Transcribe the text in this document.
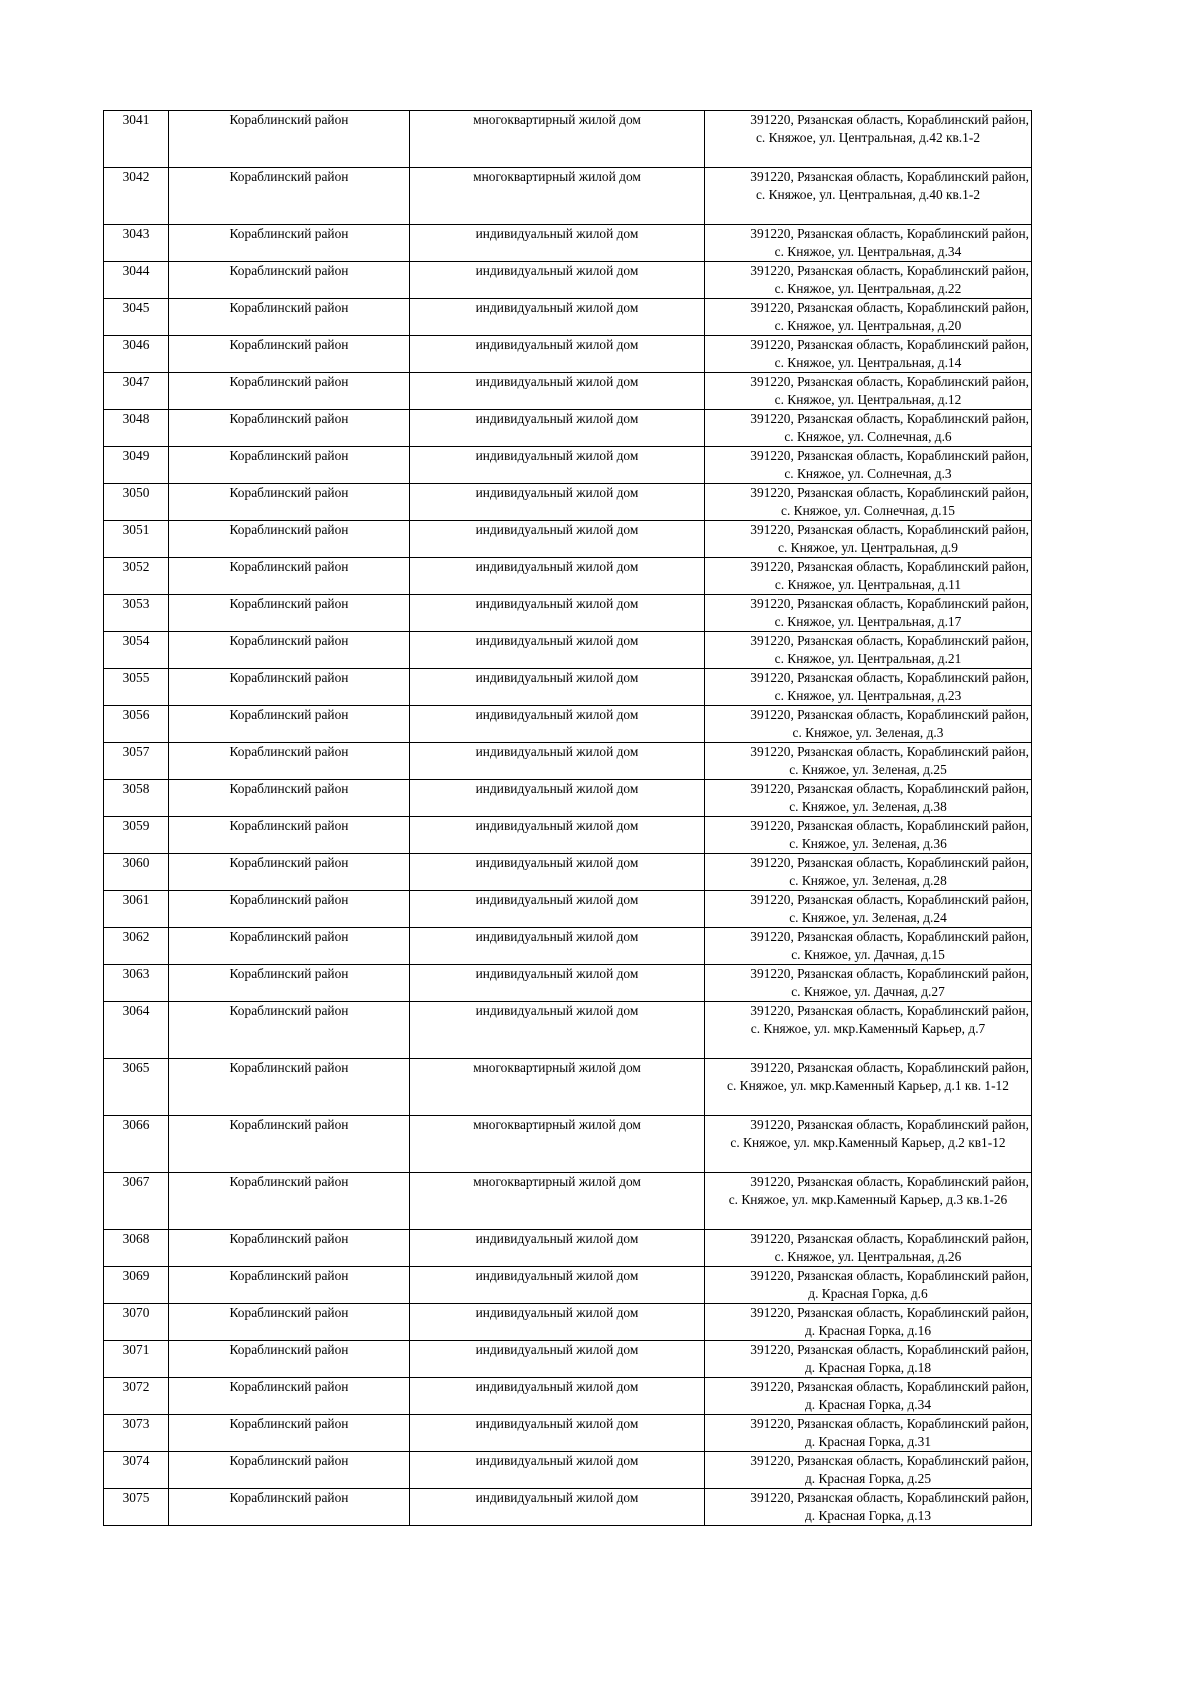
3041	Кораблинский район	многоквартирный жилой дом	391220, Рязанская область, Кораблинский район,
с. Княжое, ул. Центральная, д.42 кв.1-2

3042	Кораблинский район	многоквартирный жилой дом	391220, Рязанская область, Кораблинский район,
с. Княжое, ул. Центральная, д.40 кв.1-2

3043	Кораблинский район	индивидуальный жилой дом	391220, Рязанская область, Кораблинский район,
с. Княжое, ул. Центральная, д.34

3044	Кораблинский район	индивидуальный жилой дом	391220, Рязанская область, Кораблинский район,
с. Княжое, ул. Центральная, д.22

3045	Кораблинский район	индивидуальный жилой дом	391220, Рязанская область, Кораблинский район,
с. Княжое, ул. Центральная, д.20

3046	Кораблинский район	индивидуальный жилой дом	391220, Рязанская область, Кораблинский район,
с. Княжое, ул. Центральная, д.14

3047	Кораблинский район	индивидуальный жилой дом	391220, Рязанская область, Кораблинский район,
с. Княжое, ул. Центральная, д.12

3048	Кораблинский район	индивидуальный жилой дом	391220, Рязанская область, Кораблинский район,
с. Княжое, ул. Солнечная, д.6

3049	Кораблинский район	индивидуальный жилой дом	391220, Рязанская область, Кораблинский район,
с. Княжое, ул. Солнечная, д.3

3050	Кораблинский район	индивидуальный жилой дом	391220, Рязанская область, Кораблинский район,
с. Княжое, ул. Солнечная, д.15

3051	Кораблинский район	индивидуальный жилой дом	391220, Рязанская область, Кораблинский район,
с. Княжое, ул. Центральная, д.9

3052	Кораблинский район	индивидуальный жилой дом	391220, Рязанская область, Кораблинский район,
с. Княжое, ул. Центральная, д.11

3053	Кораблинский район	индивидуальный жилой дом	391220, Рязанская область, Кораблинский район,
с. Княжое, ул. Центральная, д.17

3054	Кораблинский район	индивидуальный жилой дом	391220, Рязанская область, Кораблинский район,
с. Княжое, ул. Центральная, д.21

3055	Кораблинский район	индивидуальный жилой дом	391220, Рязанская область, Кораблинский район,
с. Княжое, ул. Центральная, д.23

3056	Кораблинский район	индивидуальный жилой дом	391220, Рязанская область, Кораблинский район,
с. Княжое, ул. Зеленая, д.3

3057	Кораблинский район	индивидуальный жилой дом	391220, Рязанская область, Кораблинский район,
с. Княжое, ул. Зеленая, д.25

3058	Кораблинский район	индивидуальный жилой дом	391220, Рязанская область, Кораблинский район,
с. Княжое, ул. Зеленая, д.38

3059	Кораблинский район	индивидуальный жилой дом	391220, Рязанская область, Кораблинский район,
с. Княжое, ул. Зеленая, д.36

3060	Кораблинский район	индивидуальный жилой дом	391220, Рязанская область, Кораблинский район,
с. Княжое, ул. Зеленая, д.28

3061	Кораблинский район	индивидуальный жилой дом	391220, Рязанская область, Кораблинский район,
с. Княжое, ул. Зеленая, д.24

3062	Кораблинский район	индивидуальный жилой дом	391220, Рязанская область, Кораблинский район,
с. Княжое, ул. Дачная, д.15

3063	Кораблинский район	индивидуальный жилой дом	391220, Рязанская область, Кораблинский район,
с. Княжое, ул. Дачная, д.27

3064	Кораблинский район	индивидуальный жилой дом	391220, Рязанская область, Кораблинский район,
с. Княжое, ул. мкр.Каменный Карьер, д.7

3065	Кораблинский район	многоквартирный жилой дом	391220, Рязанская область, Кораблинский район,
с. Княжое, ул. мкр.Каменный Карьер, д.1 кв. 1-12

3066	Кораблинский район	многоквартирный жилой дом	391220, Рязанская область, Кораблинский район,
с. Княжое, ул. мкр.Каменный Карьер, д.2 кв1-12

3067	Кораблинский район	многоквартирный жилой дом	391220, Рязанская область, Кораблинский район,
с. Княжое, ул. мкр.Каменный Карьер, д.3 кв.1-26

3068	Кораблинский район	индивидуальный жилой дом	391220, Рязанская область, Кораблинский район,
с. Княжое, ул. Центральная, д.26

3069	Кораблинский район	индивидуальный жилой дом	391220, Рязанская область, Кораблинский район,
д. Красная Горка, д.6

3070	Кораблинский район	индивидуальный жилой дом	391220, Рязанская область, Кораблинский район,
д. Красная Горка, д.16

3071	Кораблинский район	индивидуальный жилой дом	391220, Рязанская область, Кораблинский район,
д. Красная Горка, д.18

3072	Кораблинский район	индивидуальный жилой дом	391220, Рязанская область, Кораблинский район,
д. Красная Горка, д.34

3073	Кораблинский район	индивидуальный жилой дом	391220, Рязанская область, Кораблинский район,
д. Красная Горка, д.31

3074	Кораблинский район	индивидуальный жилой дом	391220, Рязанская область, Кораблинский район,
д. Красная Горка, д.25

3075	Кораблинский район	индивидуальный жилой дом	391220, Рязанская область, Кораблинский район,
д. Красная Горка, д.13
